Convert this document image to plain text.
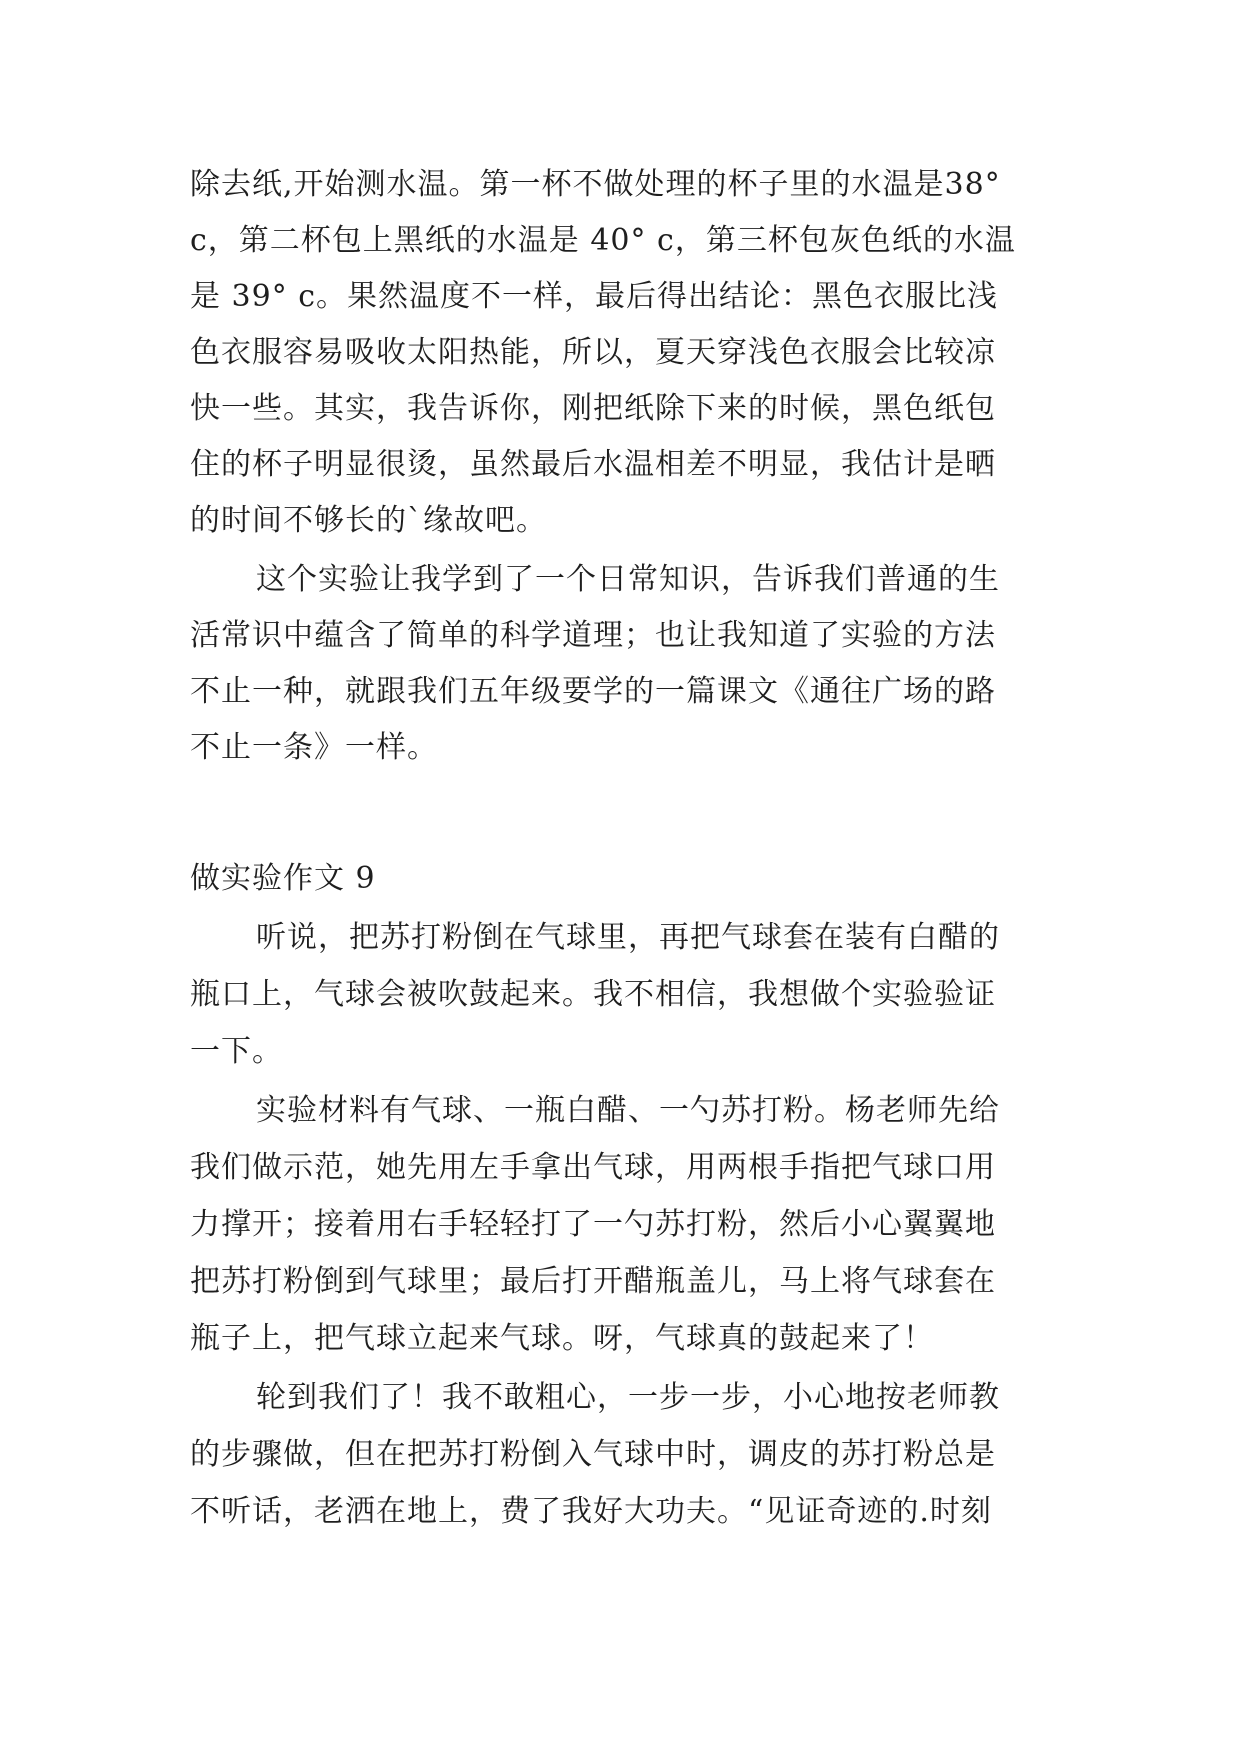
除去纸,开始测水温。第一杯不做处理的杯子里的水温是38°
c，第二杯包上黑纸的水温是 40° c，第三杯包灰色纸的水温
是 39° c。果然温度不一样，最后得出结论：黑色衣服比浅
色衣服容易吸收太阳热能，所以，夏天穿浅色衣服会比较凉
快一些。其实，我告诉你，刚把纸除下来的时候，黑色纸包
住的杯子明显很烫，虽然最后水温相差不明显，我估计是晒
的时间不够长的`缘故吧。
这个实验让我学到了一个日常知识，告诉我们普通的生
活常识中蕴含了简单的科学道理；也让我知道了实验的方法
不止一种，就跟我们五年级要学的一篇课文《通往广场的路
不止一条》一样。
做实验作文 9
听说，把苏打粉倒在气球里，再把气球套在装有白醋的
瓶口上，气球会被吹鼓起来。我不相信，我想做个实验验证
一下。
实验材料有气球、一瓶白醋、一勺苏打粉。杨老师先给
我们做示范，她先用左手拿出气球，用两根手指把气球口用
力撑开；接着用右手轻轻打了一勺苏打粉，然后小心翼翼地
把苏打粉倒到气球里；最后打开醋瓶盖儿，马上将气球套在
瓶子上，把气球立起来气球。呀，气球真的鼓起来了！
轮到我们了！我不敢粗心，一步一步，小心地按老师教
的步骤做，但在把苏打粉倒入气球中时，调皮的苏打粉总是
不听话，老洒在地上，费了我好大功夫。“见证奇迹的.时刻
